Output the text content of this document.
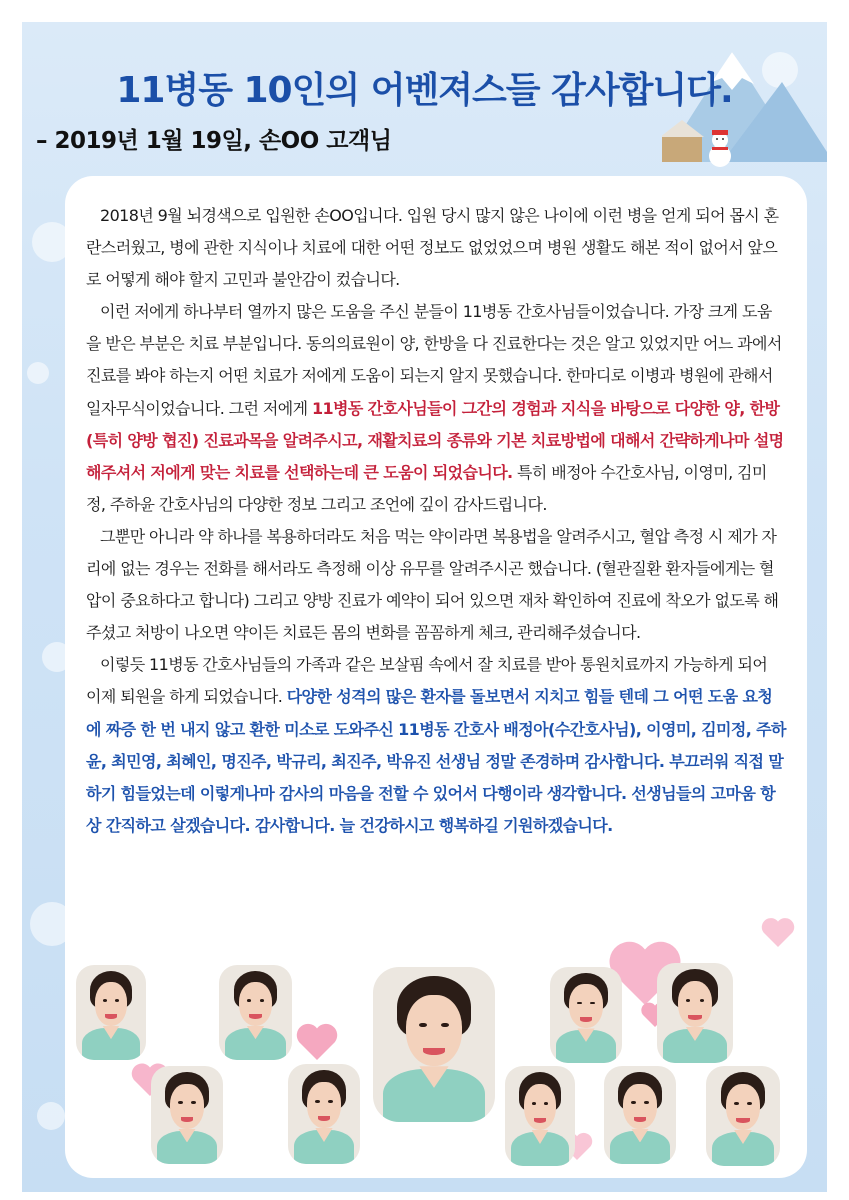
11병동 10인의 어벤져스들 감사합니다.
– 2019년 1월 19일, 손OO 고객님

2018년 9월 뇌경색으로 입원한 손OO입니다. 입원 당시 많지 않은 나이에 이런 병을 얻게 되어 몹시 혼란스러웠고, 병에 관한 지식이나 치료에 대한 어떤 정보도 없었었으며 병원 생활도 해본 적이 없어서 앞으로 어떻게 해야 할지 고민과 불안감이 컸습니다.

이런 저에게 하나부터 열까지 많은 도움을 주신 분들이 11병동 간호사님들이었습니다. 가장 크게 도움을 받은 부분은 치료 부분입니다. 동의의료원이 양, 한방을 다 진료한다는 것은 알고 있었지만 어느 과에서 진료를 봐야 하는지 어떤 치료가 저에게 도움이 되는지 알지 못했습니다. 한마디로 이병과 병원에 관해서 일자무식이었습니다. 그런 저에게 11병동 간호사님들이 그간의 경험과 지식을 바탕으로 다양한 양, 한방(특히 양방 협진) 진료과목을 알려주시고, 재활치료의 종류와 기본 치료방법에 대해서 간략하게나마 설명해주셔서 저에게 맞는 치료를 선택하는데 큰 도움이 되었습니다. 특히 배정아 수간호사님, 이영미, 김미정, 주하윤 간호사님의 다양한 정보 그리고 조언에 깊이 감사드립니다.

그뿐만 아니라 약 하나를 복용하더라도 처음 먹는 약이라면 복용법을 알려주시고, 혈압 측정 시 제가 자리에 없는 경우는 전화를 해서라도 측정해 이상 유무를 알려주시곤 했습니다. (혈관질환 환자들에게는 혈압이 중요하다고 합니다) 그리고 양방 진료가 예약이 되어 있으면 재차 확인하여 진료에 착오가 없도록 해주셨고 처방이 나오면 약이든 치료든 몸의 변화를 꼼꼼하게 체크, 관리해주셨습니다.

이렇듯 11병동 간호사님들의 가족과 같은 보살핌 속에서 잘 치료를 받아 통원치료까지 가능하게 되어 이제 퇴원을 하게 되었습니다. 다양한 성격의 많은 환자를 돌보면서 지치고 힘들 텐데 그 어떤 도움 요청에 짜증 한 번 내지 않고 환한 미소로 도와주신 11병동 간호사 배정아(수간호사님), 이영미, 김미정, 주하윤, 최민영, 최혜인, 명진주, 박규리, 최진주, 박유진 선생님 정말 존경하며 감사합니다. 부끄러워 직접 말하기 힘들었는데 이렇게나마 감사의 마음을 전할 수 있어서 다행이라 생각합니다. 선생님들의 고마움 항상 간직하고 살겠습니다. 감사합니다. 늘 건강하시고 행복하길 기원하겠습니다.
